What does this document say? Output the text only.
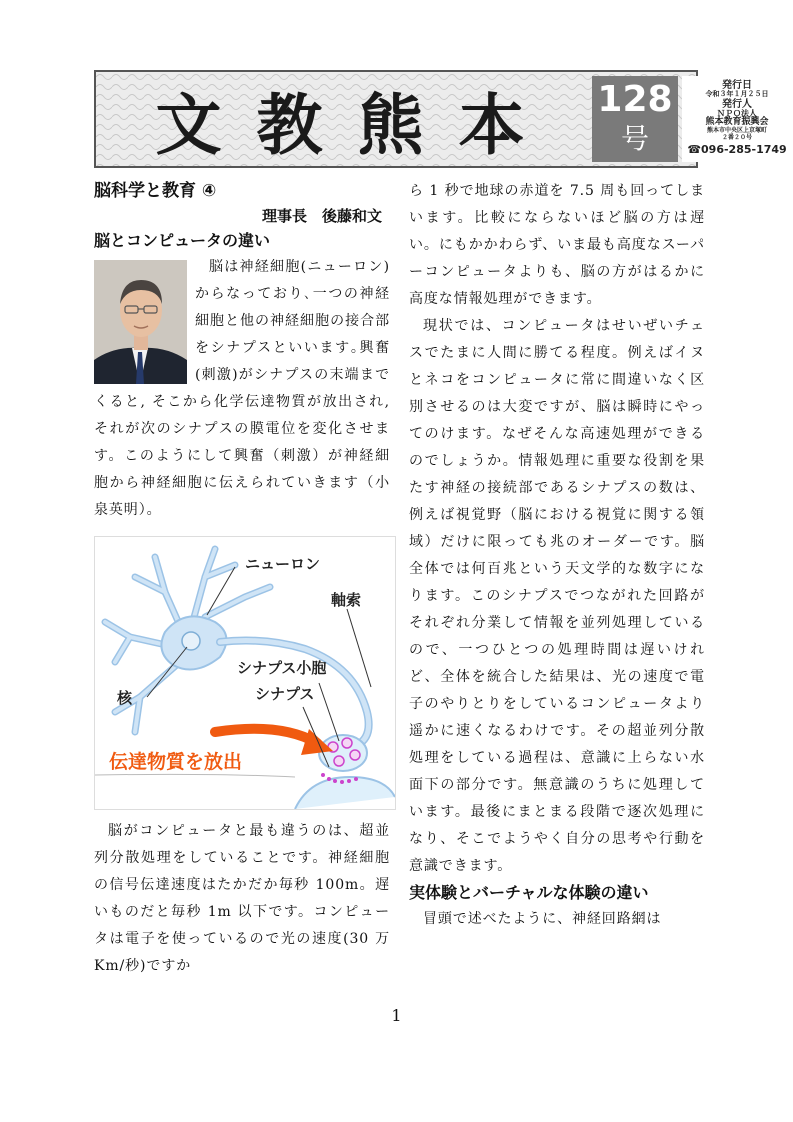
文 教 熊 本	128
号
発行日
令和３年１月２５日
発行人
ＮＰＯ法人
熊本教育振興会
熊本市中央区上京塚町
２番２０号
☎096-285-1749
脳科学と教育 ④
理事長　後藤和文
脳とコンピュータの違い

脳は神経細胞(ニューロン)からなっており､一つの神経細胞と他の神経細胞の接合部をシナプスといいます｡興奮(刺激)がシナプスの末端までくると, そこから化学伝達物質が放出され, それが次のシナプスの膜電位を変化させます。このようにして興奮（刺激）が神経細胞から神経細胞に伝えられていきます（小泉英明）。

ニューロン
軸索
核
シナプス小胞
シナプス
伝達物質を放出

脳がコンピュータと最も違うのは、超並列分散処理をしていることです。神経細胞の信号伝達速度はたかだか毎秒 100m。遅いものだと毎秒 1m 以下です。コンピュータは電子を使っているので光の速度(30 万 Km/秒)ですか

ら 1 秒で地球の赤道を 7.5 周も回ってしまいます。比較にならないほど脳の方は遅い。にもかかわらず、いま最も高度なスーパーコンピュータよりも、脳の方がはるかに高度な情報処理ができます。

現状では、コンピュータはせいぜいチェスでたまに人間に勝てる程度。例えばイヌとネコをコンピュータに常に間違いなく区別させるのは大変ですが、脳は瞬時にやってのけます。なぜそんな高速処理ができるのでしょうか。情報処理に重要な役割を果たす神経の接続部であるシナプスの数は、例えば視覚野（脳における視覚に関する領域）だけに限っても兆のオーダーです。脳全体では何百兆という天文学的な数字になります。このシナプスでつながれた回路がそれぞれ分業して情報を並列処理しているので、一つひとつの処理時間は遅いけれど、全体を統合した結果は、光の速度で電子のやりとりをしているコンピュータより遥かに速くなるわけです。その超並列分散処理をしている過程は、意識に上らない水面下の部分です。無意識のうちに処理しています。最後にまとまる段階で逐次処理になり、そこでようやく自分の思考や行動を意識できます。

実体験とバーチャルな体験の違い

冒頭で述べたように、神経回路網は

1
